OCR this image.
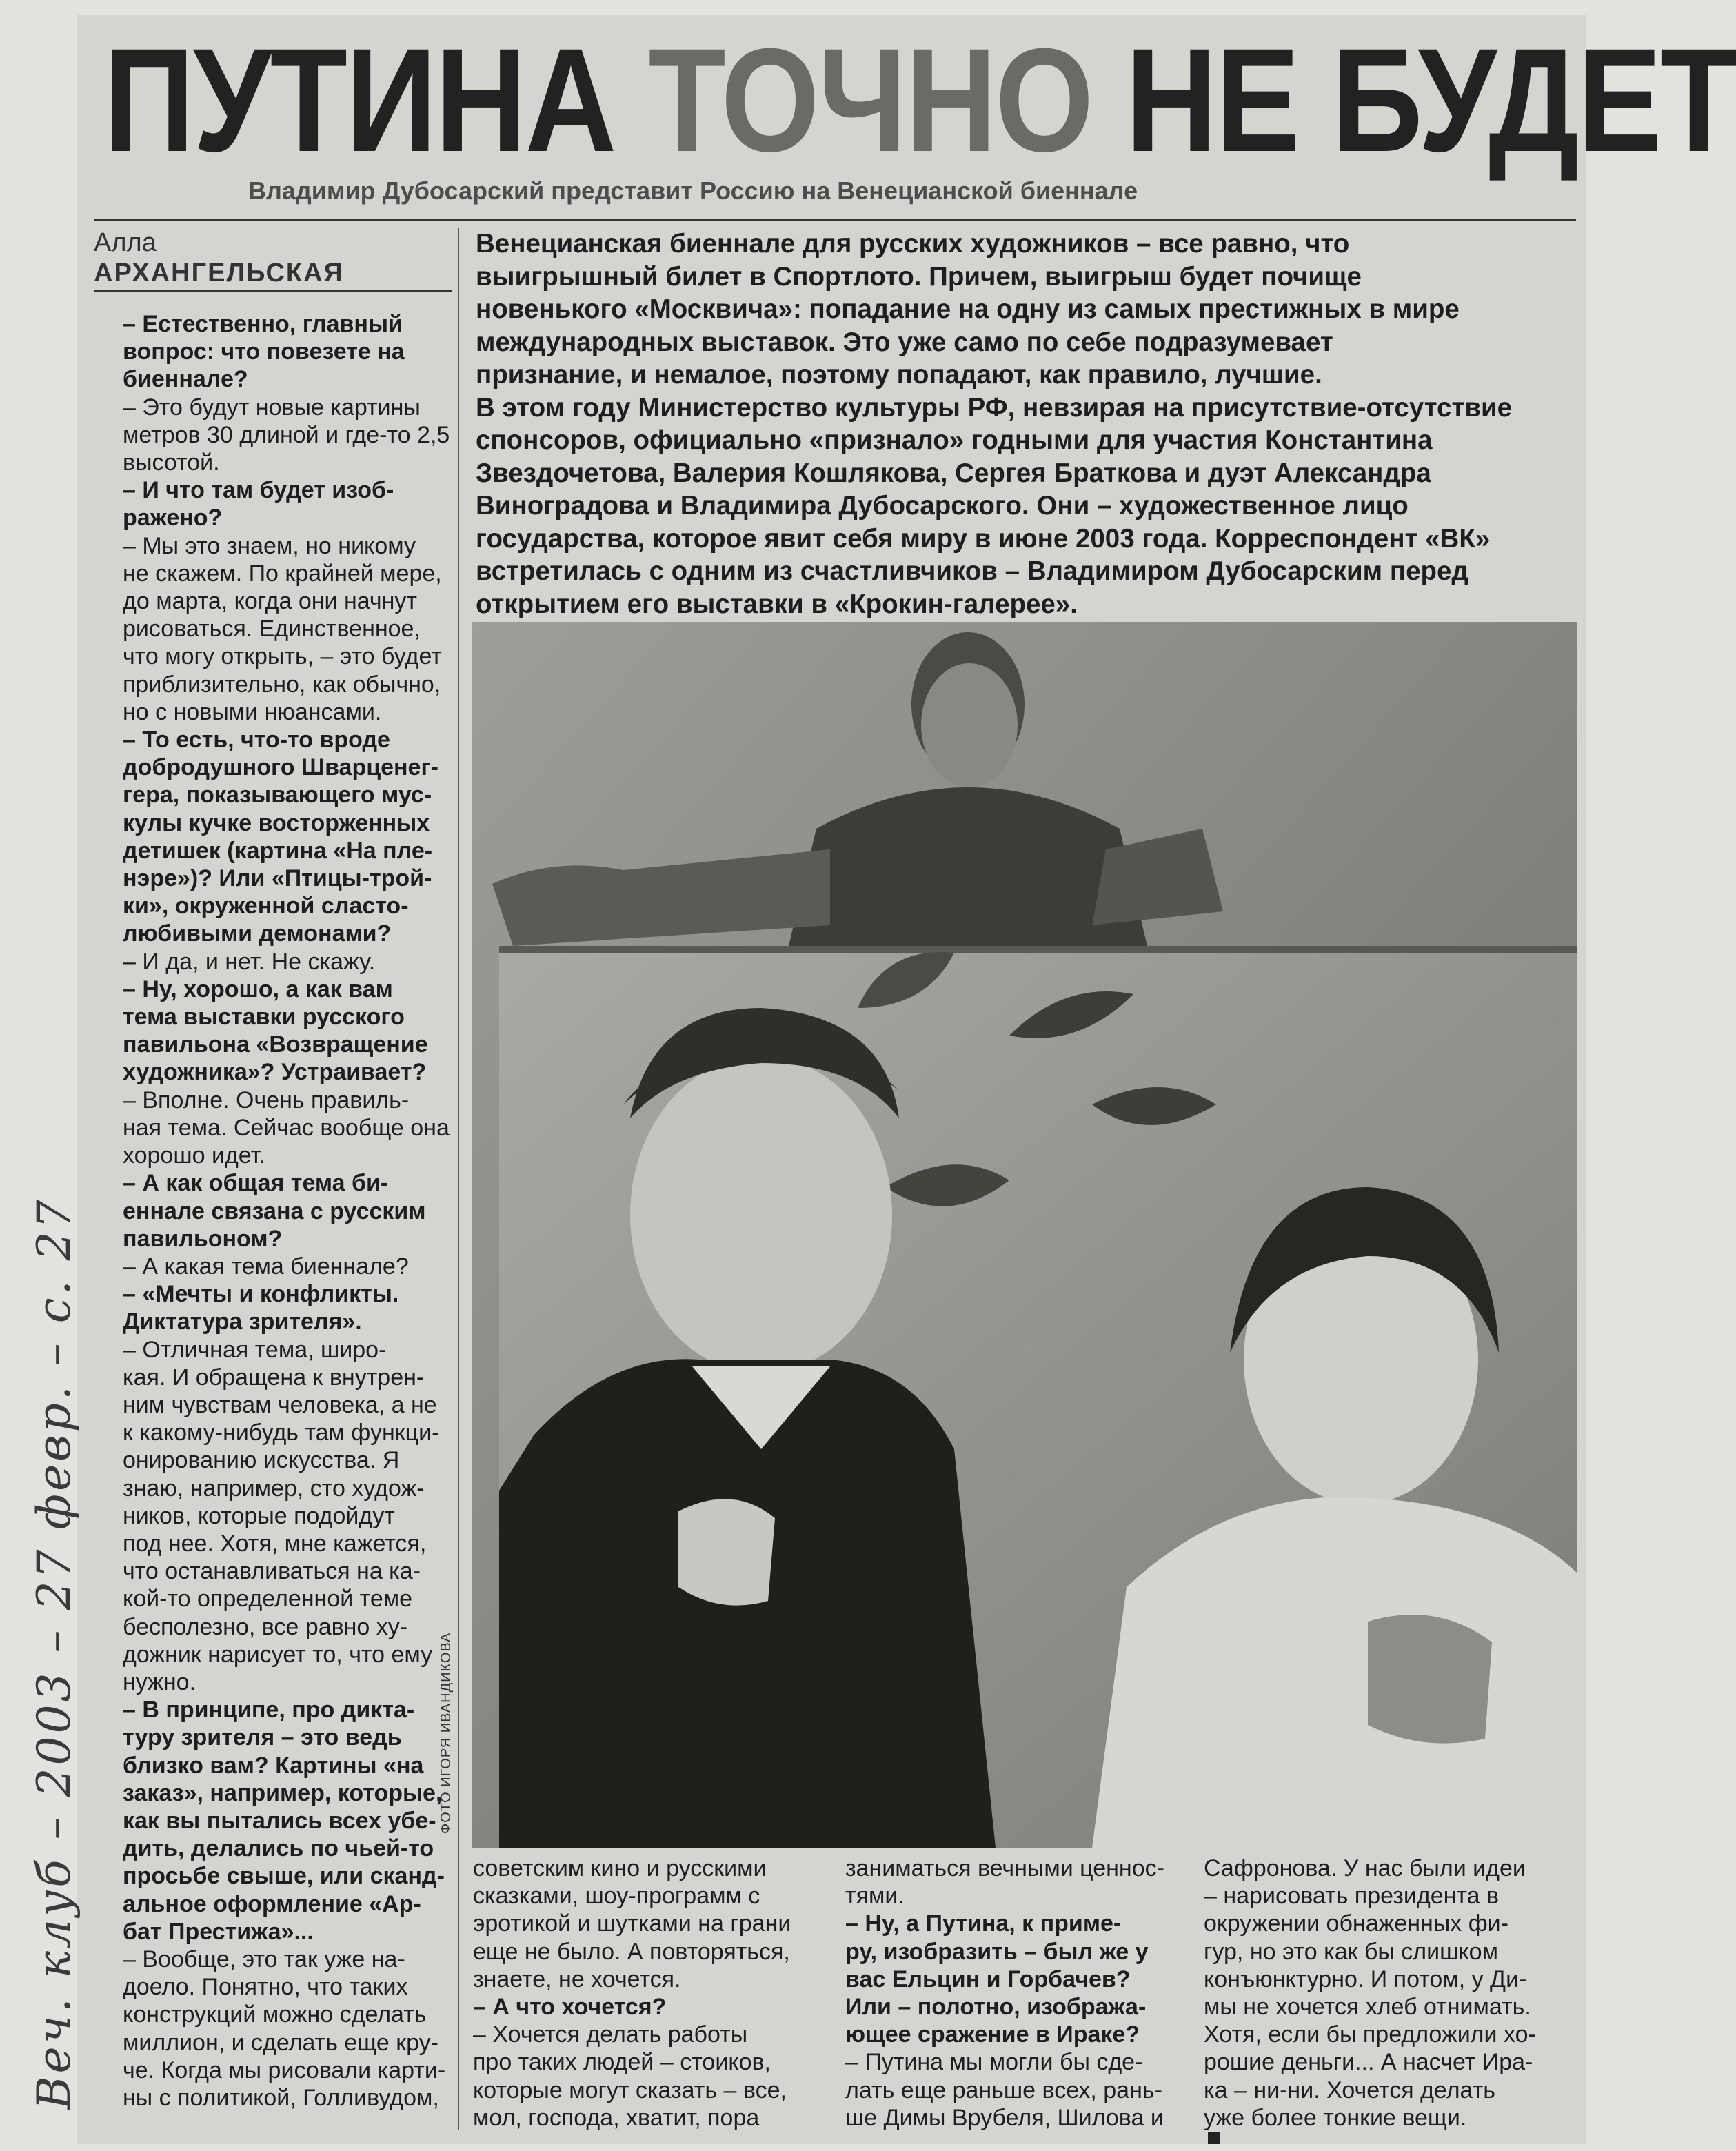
ПУТИНА ТОЧНО НЕ БУДЕТ
Владимир Дубосарский представит Россию на Венецианской биеннале
Алла
АРХАНГЕЛЬСКАЯ
Венецианская биеннале для русских художников – все равно, что
выигрышный билет в Спортлото. Причем, выигрыш будет почище
новенького «Москвича»: попадание на одну из самых престижных в мире
международных выставок. Это уже само по себе подразумевает
признание, и немалое, поэтому попадают, как правило, лучшие.
В этом году Министерство культуры РФ, невзирая на присутствие-отсутствие
спонсоров, официально «признало» годными для участия Константина
Звездочетова, Валерия Кошлякова, Сергея Браткова и дуэт Александра
Виноградова и Владимира Дубосарского. Они – художественное лицо
государства, которое явит себя миру в июне 2003 года. Корреспондент «ВК»
встретилась с одним из счастливчиков – Владимиром Дубосарским перед
открытием его выставки в «Крокин-галерее».
– Естественно, главный
вопрос: что повезете на
биеннале?
– Это будут новые картины
метров 30 длиной и где-то 2,5
высотой.
– И что там будет изоб-
ражено?
– Мы это знаем, но никому
не скажем. По крайней мере,
до марта, когда они начнут
рисоваться. Единственное,
что могу открыть, – это будет
приблизительно, как обычно,
но с новыми нюансами.
– То есть, что-то вроде
добродушного Шварценег-
гера, показывающего мус-
кулы кучке восторженных
детишек (картина «На пле-
нэре»)? Или «Птицы-трой-
ки», окруженной сласто-
любивыми демонами?
– И да, и нет. Не скажу.
– Ну, хорошо, а как вам
тема выставки русского
павильона «Возвращение
художника»? Устраивает?
– Вполне. Очень правиль-
ная тема. Сейчас вообще она
хорошо идет.
– А как общая тема би-
еннале связана с русским
павильоном?
– А какая тема биеннале?
– «Мечты и конфликты.
Диктатура зрителя».
– Отличная тема, широ-
кая. И обращена к внутрен-
ним чувствам человека, а не
к какому-нибудь там функци-
онированию искусства. Я
знаю, например, сто худож-
ников, которые подойдут
под нее. Хотя, мне кажется,
что останавливаться на ка-
кой-то определенной теме
бесполезно, все равно ху-
дожник нарисует то, что ему
нужно.
– В принципе, про дикта-
туру зрителя – это ведь
близко вам? Картины «на
заказ», например, которые,
как вы пытались всех убе-
дить, делались по чьей-то
просьбе свыше, или сканд-
альное оформление «Ар-
бат Престижа»...
– Вообще, это так уже на-
доело. Понятно, что таких
конструкций можно сделать
миллион, и сделать еще кру-
че. Когда мы рисовали карти-
ны с политикой, Голливудом,
ФОТО ИГОРЯ ИВАНДИКОВА
советским кино и русскими
сказками, шоу-программ с
эротикой и шутками на грани
еще не было. А повторяться,
знаете, не хочется.
– А что хочется?
– Хочется делать работы
про таких людей – стоиков,
которые могут сказать – все,
мол, господа, хватит, пора
заниматься вечными ценнос-
тями.
– Ну, а Путина, к приме-
ру, изобразить – был же у
вас Ельцин и Горбачев?
Или – полотно, изобража-
ющее сражение в Ираке?
– Путина мы могли бы сде-
лать еще раньше всех, рань-
ше Димы Врубеля, Шилова и
Сафронова. У нас были идеи
– нарисовать президента в
окружении обнаженных фи-
гур, но это как бы слишком
конъюнктурно. И потом, у Ди-
мы не хочется хлеб отнимать.
Хотя, если бы предложили хо-
рошие деньги... А насчет Ира-
ка – ни-ни. Хочется делать
уже более тонкие вещи.
Веч. клуб – 2003 – 27 февр. – с. 27
